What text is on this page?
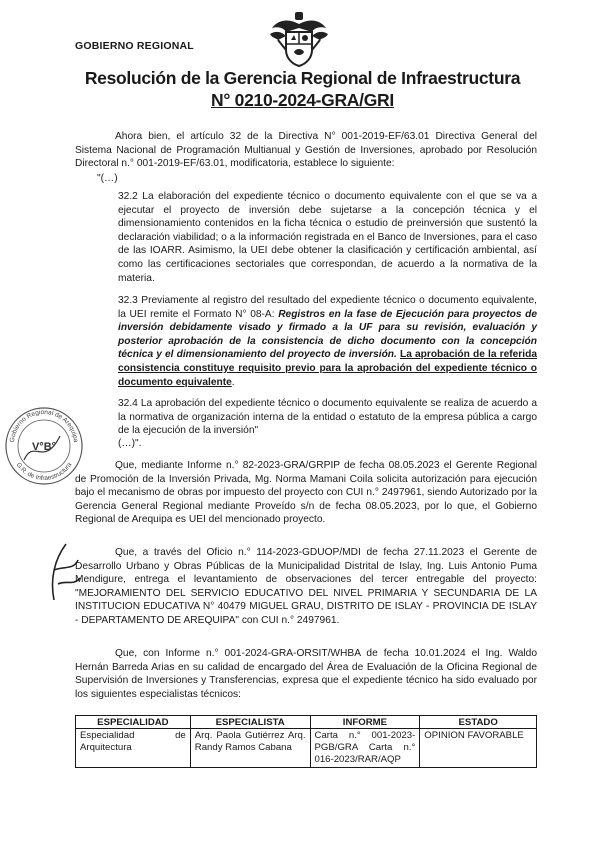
GOBIERNO REGIONAL
Resolución de la Gerencia Regional de Infraestructura
N° 0210-2024-GRA/GRI
Ahora bien, el artículo 32 de la Directiva N° 001-2019-EF/63.01 Directiva General del Sistema Nacional de Programación Multianual y Gestión de Inversiones, aprobado por Resolución Directoral n.° 001-2019-EF/63.01, modificatoria, establece lo siguiente:
"(…)
32.2 La elaboración del expediente técnico o documento equivalente con el que se va a ejecutar el proyecto de inversión debe sujetarse a la concepción técnica y el dimensionamiento contenidos en la ficha técnica o estudio de preinversión que sustentó la declaración viabilidad; o a la información registrada en el Banco de Inversiones, para el caso de las IOARR. Asimismo, la UEI debe obtener la clasificación y certificación ambiental, así como las certificaciones sectoriales que correspondan, de acuerdo a la normativa de la materia.
32.3 Previamente al registro del resultado del expediente técnico o documento equivalente, la UEI remite el Formato N° 08-A: Registros en la fase de Ejecución para proyectos de inversión debidamente visado y firmado a la UF para su revisión, evaluación y posterior aprobación de la consistencia de dicho documento con la concepción técnica y el dimensionamiento del proyecto de inversión. La aprobación de la referida consistencia constituye requisito previo para la aprobación del expediente técnico o documento equivalente.
32.4 La aprobación del expediente técnico o documento equivalente se realiza de acuerdo a la normativa de organización interna de la entidad o estatuto de la empresa pública a cargo de la ejecución de la inversión"
(…)".
Gobierno Regional de Arequipa
G.R. de Infraestructura
V°B°
Que, mediante Informe n.° 82-2023-GRA/GRPIP de fecha 08.05.2023 el Gerente Regional de Promoción de la Inversión Privada, Mg. Norma Mamani Coila solicita autorización para ejecución bajo el mecanismo de obras por impuesto del proyecto con CUI n.° 2497961, siendo Autorizado por la Gerencia General Regional mediante Proveído s/n de fecha 08.05.2023, por lo que, el Gobierno Regional de Arequipa es UEI del mencionado proyecto.
Que, a través del Oficio n.° 114-2023-GDUOP/MDI de fecha 27.11.2023 el Gerente de Desarrollo Urbano y Obras Públicas de la Municipalidad Distrital de Islay, Ing. Luis Antonio Puma Mendigure, entrega el levantamiento de observaciones del tercer entregable del proyecto: "MEJORAMIENTO DEL SERVICIO EDUCATIVO DEL NIVEL PRIMARIA Y SECUNDARIA DE LA INSTITUCION EDUCATIVA N° 40479 MIGUEL GRAU, DISTRITO DE ISLAY - PROVINCIA DE ISLAY - DEPARTAMENTO DE AREQUIPA" con CUI n.° 2497961.
Que, con Informe n.° 001-2024-GRA-ORSIT/WHBA de fecha 10.01.2024 el Ing. Waldo Hernán Barreda Arias en su calidad de encargado del Área de Evaluación de la Oficina Regional de Supervisión de Inversiones y Transferencias, expresa que el expediente técnico ha sido evaluado por los siguientes especialistas técnicos:
ESPECIALIDAD	ESPECIALISTA	INFORME	ESTADO
Especialidad de Arquitectura	Arq. Paola Gutiérrez Arq. Randy Ramos Cabana	Carta n.° 001-2023-PGB/GRA Carta n.° 016-2023/RAR/AQP	OPINION FAVORABLE
